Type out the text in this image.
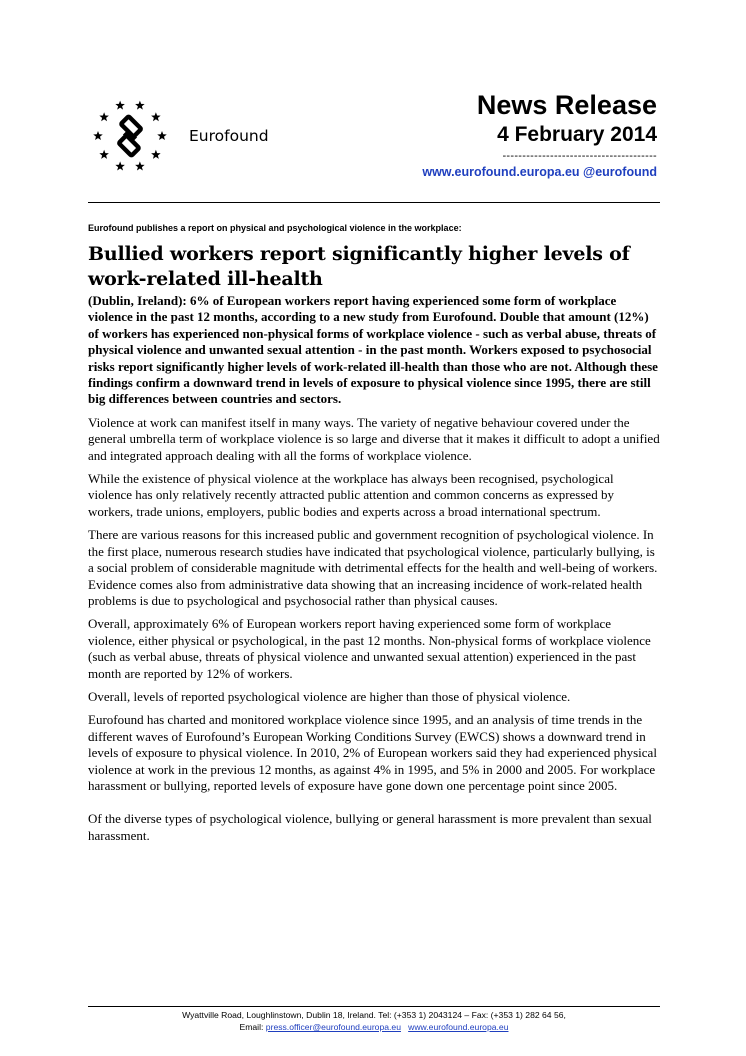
Eurofound
News Release
4 February 2014
---------------------------------------
www.eurofound.europa.eu @eurofound

Eurofound publishes a report on physical and psychological violence in the workplace:

Bullied workers report significantly higher levels of work-related ill-health

(Dublin, Ireland): 6% of European workers report having experienced some form of workplace violence in the past 12 months, according to a new study from Eurofound. Double that amount (12%) of workers has experienced non-physical forms of workplace violence - such as verbal abuse, threats of physical violence and unwanted sexual attention - in the past month. Workers exposed to psychosocial risks report significantly higher levels of work-related ill-health than those who are not. Although these findings confirm a downward trend in levels of exposure to physical violence since 1995, there are still big differences between countries and sectors.

Violence at work can manifest itself in many ways. The variety of negative behaviour covered under the general umbrella term of workplace violence is so large and diverse that it makes it difficult to adopt a unified and integrated approach dealing with all the forms of workplace violence.

While the existence of physical violence at the workplace has always been recognised, psychological violence has only relatively recently attracted public attention and common concerns as expressed by workers, trade unions, employers, public bodies and experts across a broad international spectrum.

There are various reasons for this increased public and government recognition of psychological violence. In the first place, numerous research studies have indicated that psychological violence, particularly bullying, is a social problem of considerable magnitude with detrimental effects for the health and well-being of workers. Evidence comes also from administrative data showing that an increasing incidence of work-related health problems is due to psychological and psychosocial rather than physical causes.

Overall, approximately 6% of European workers report having experienced some form of workplace violence, either physical or psychological, in the past 12 months. Non-physical forms of workplace violence (such as verbal abuse, threats of physical violence and unwanted sexual attention) experienced in the past month are reported by 12% of workers.

Overall, levels of reported psychological violence are higher than those of physical violence.

Eurofound has charted and monitored workplace violence since 1995, and an analysis of time trends in the different waves of Eurofound’s European Working Conditions Survey (EWCS) shows a downward trend in levels of exposure to physical violence. In 2010, 2% of European workers said they had experienced physical violence at work in the previous 12 months, as against 4% in 1995, and 5% in 2000 and 2005. For workplace harassment or bullying, reported levels of exposure have gone down one percentage point since 2005.

Of the diverse types of psychological violence, bullying or general harassment is more prevalent than sexual harassment.

Wyattville Road, Loughlinstown, Dublin 18, Ireland. Tel: (+353 1) 2043124 – Fax: (+353 1) 282 64 56,
Email: press.officer@eurofound.europa.eu www.eurofound.europa.eu
